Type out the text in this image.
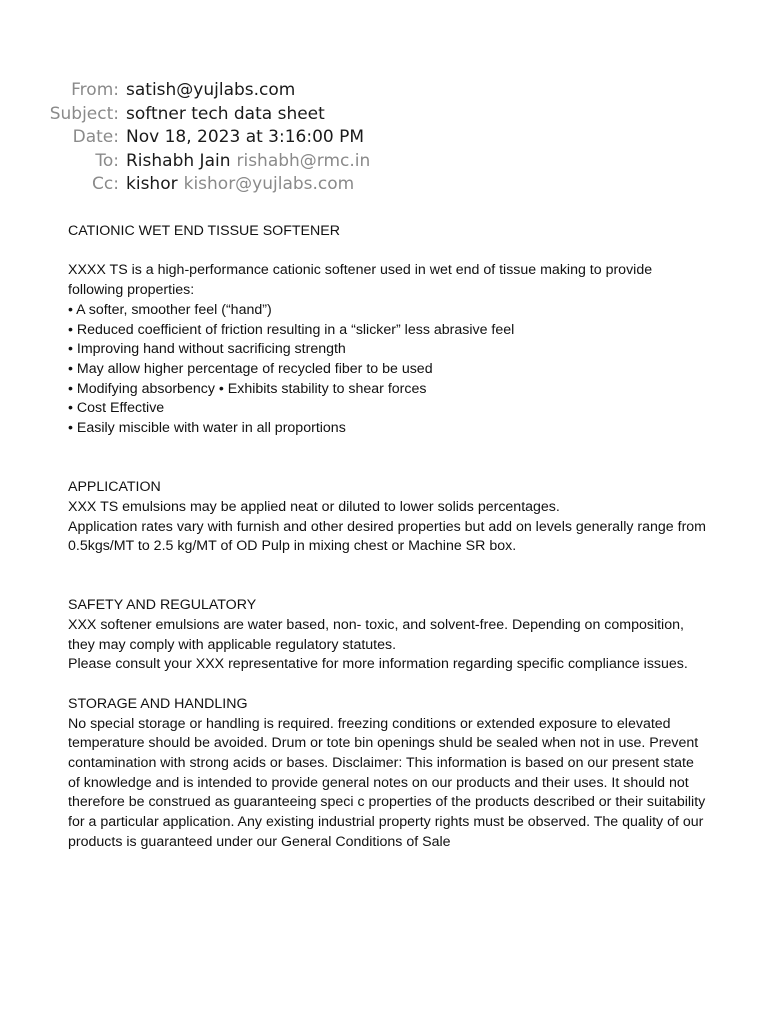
From: satish@yujlabs.com
Subject: softner tech data sheet
Date: Nov 18, 2023 at 3:16:00 PM
To: Rishabh Jain rishabh@rmc.in
Cc: kishor kishor@yujlabs.com

CATIONIC WET END TISSUE SOFTENER

XXXX TS is a high-performance cationic softener used in wet end of tissue making to provide following properties:

• A softer, smoother feel (“hand”)

• Reduced coefficient of friction resulting in a “slicker” less abrasive feel

• Improving hand without sacrificing strength

• May allow higher percentage of recycled fiber to be used

• Modifying absorbency • Exhibits stability to shear forces

• Cost Effective

• Easily miscible with water in all proportions

APPLICATION

XXX TS emulsions may be applied neat or diluted to lower solids percentages.

Application rates vary with furnish and other desired properties but add on levels generally range from 0.5kgs/MT to 2.5 kg/MT of OD Pulp in mixing chest or Machine SR box.

SAFETY AND REGULATORY

XXX softener emulsions are water based, non- toxic, and solvent-free. Depending on composition, they may comply with applicable regulatory statutes.

Please consult your XXX representative for more information regarding specific compliance issues.

STORAGE AND HANDLING

No special storage or handling is required. freezing conditions or extended exposure to elevated temperature should be avoided. Drum or tote bin openings shuld be sealed when not in use. Prevent contamination with strong acids or bases. Disclaimer: This information is based on our present state of knowledge and is intended to provide general notes on our products and their uses. It should not therefore be construed as guaranteeing speci c properties of the products described or their suitability for a particular application. Any existing industrial property rights must be observed. The quality of our products is guaranteed under our General Conditions of Sale
